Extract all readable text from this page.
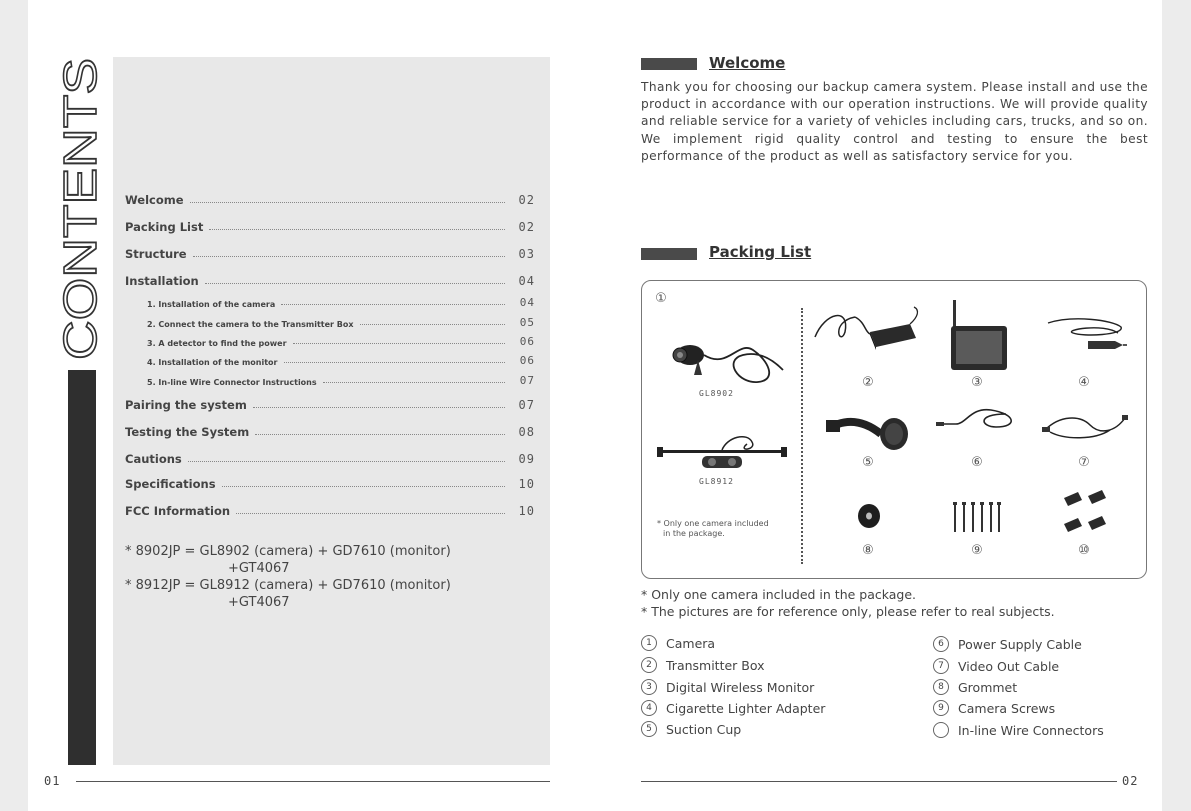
CONTENTS Welcome	02
Packing List	02
Structure	03
Installation	04
1. Installation of the camera	04
2. Connect the camera to the Transmitter Box	05
3. A detector to find the power	06
4. Installation of the monitor	06
5. In-line Wire Connector Instructions	07
Pairing the system	07
Testing the System	08
Cautions	09
Specifications	10
FCC Information	10
* 8902JP = GL8902 (camera) + GD7610 (monitor)
+GT4067
* 8912JP = GL8912 (camera) + GD7610 (monitor)
+GT4067
01
Welcome
Thank you for choosing our backup camera system. Please install and use the product in accordance with our operation instructions. We will provide quality and reliable service for a variety of vehicles including cars, trucks, and so on. We implement rigid quality control and testing to ensure the best performance of the product as well as satisfactory service for you.
Packing List
①
GL8902
GL8912
* Only one camera included
in the package.
②	③	④
⑤	⑥	⑦
⑧	⑨	⑩
* Only one camera included in the package.
* The pictures are for reference only, please refer to real subjects.
1	Camera
2	Transmitter Box
3	Digital Wireless Monitor
4	Cigarette Lighter Adapter
5	Suction Cup
6	Power Supply Cable
7	Video Out Cable
8	Grommet
9	Camera Screws
In-line Wire Connectors
02
